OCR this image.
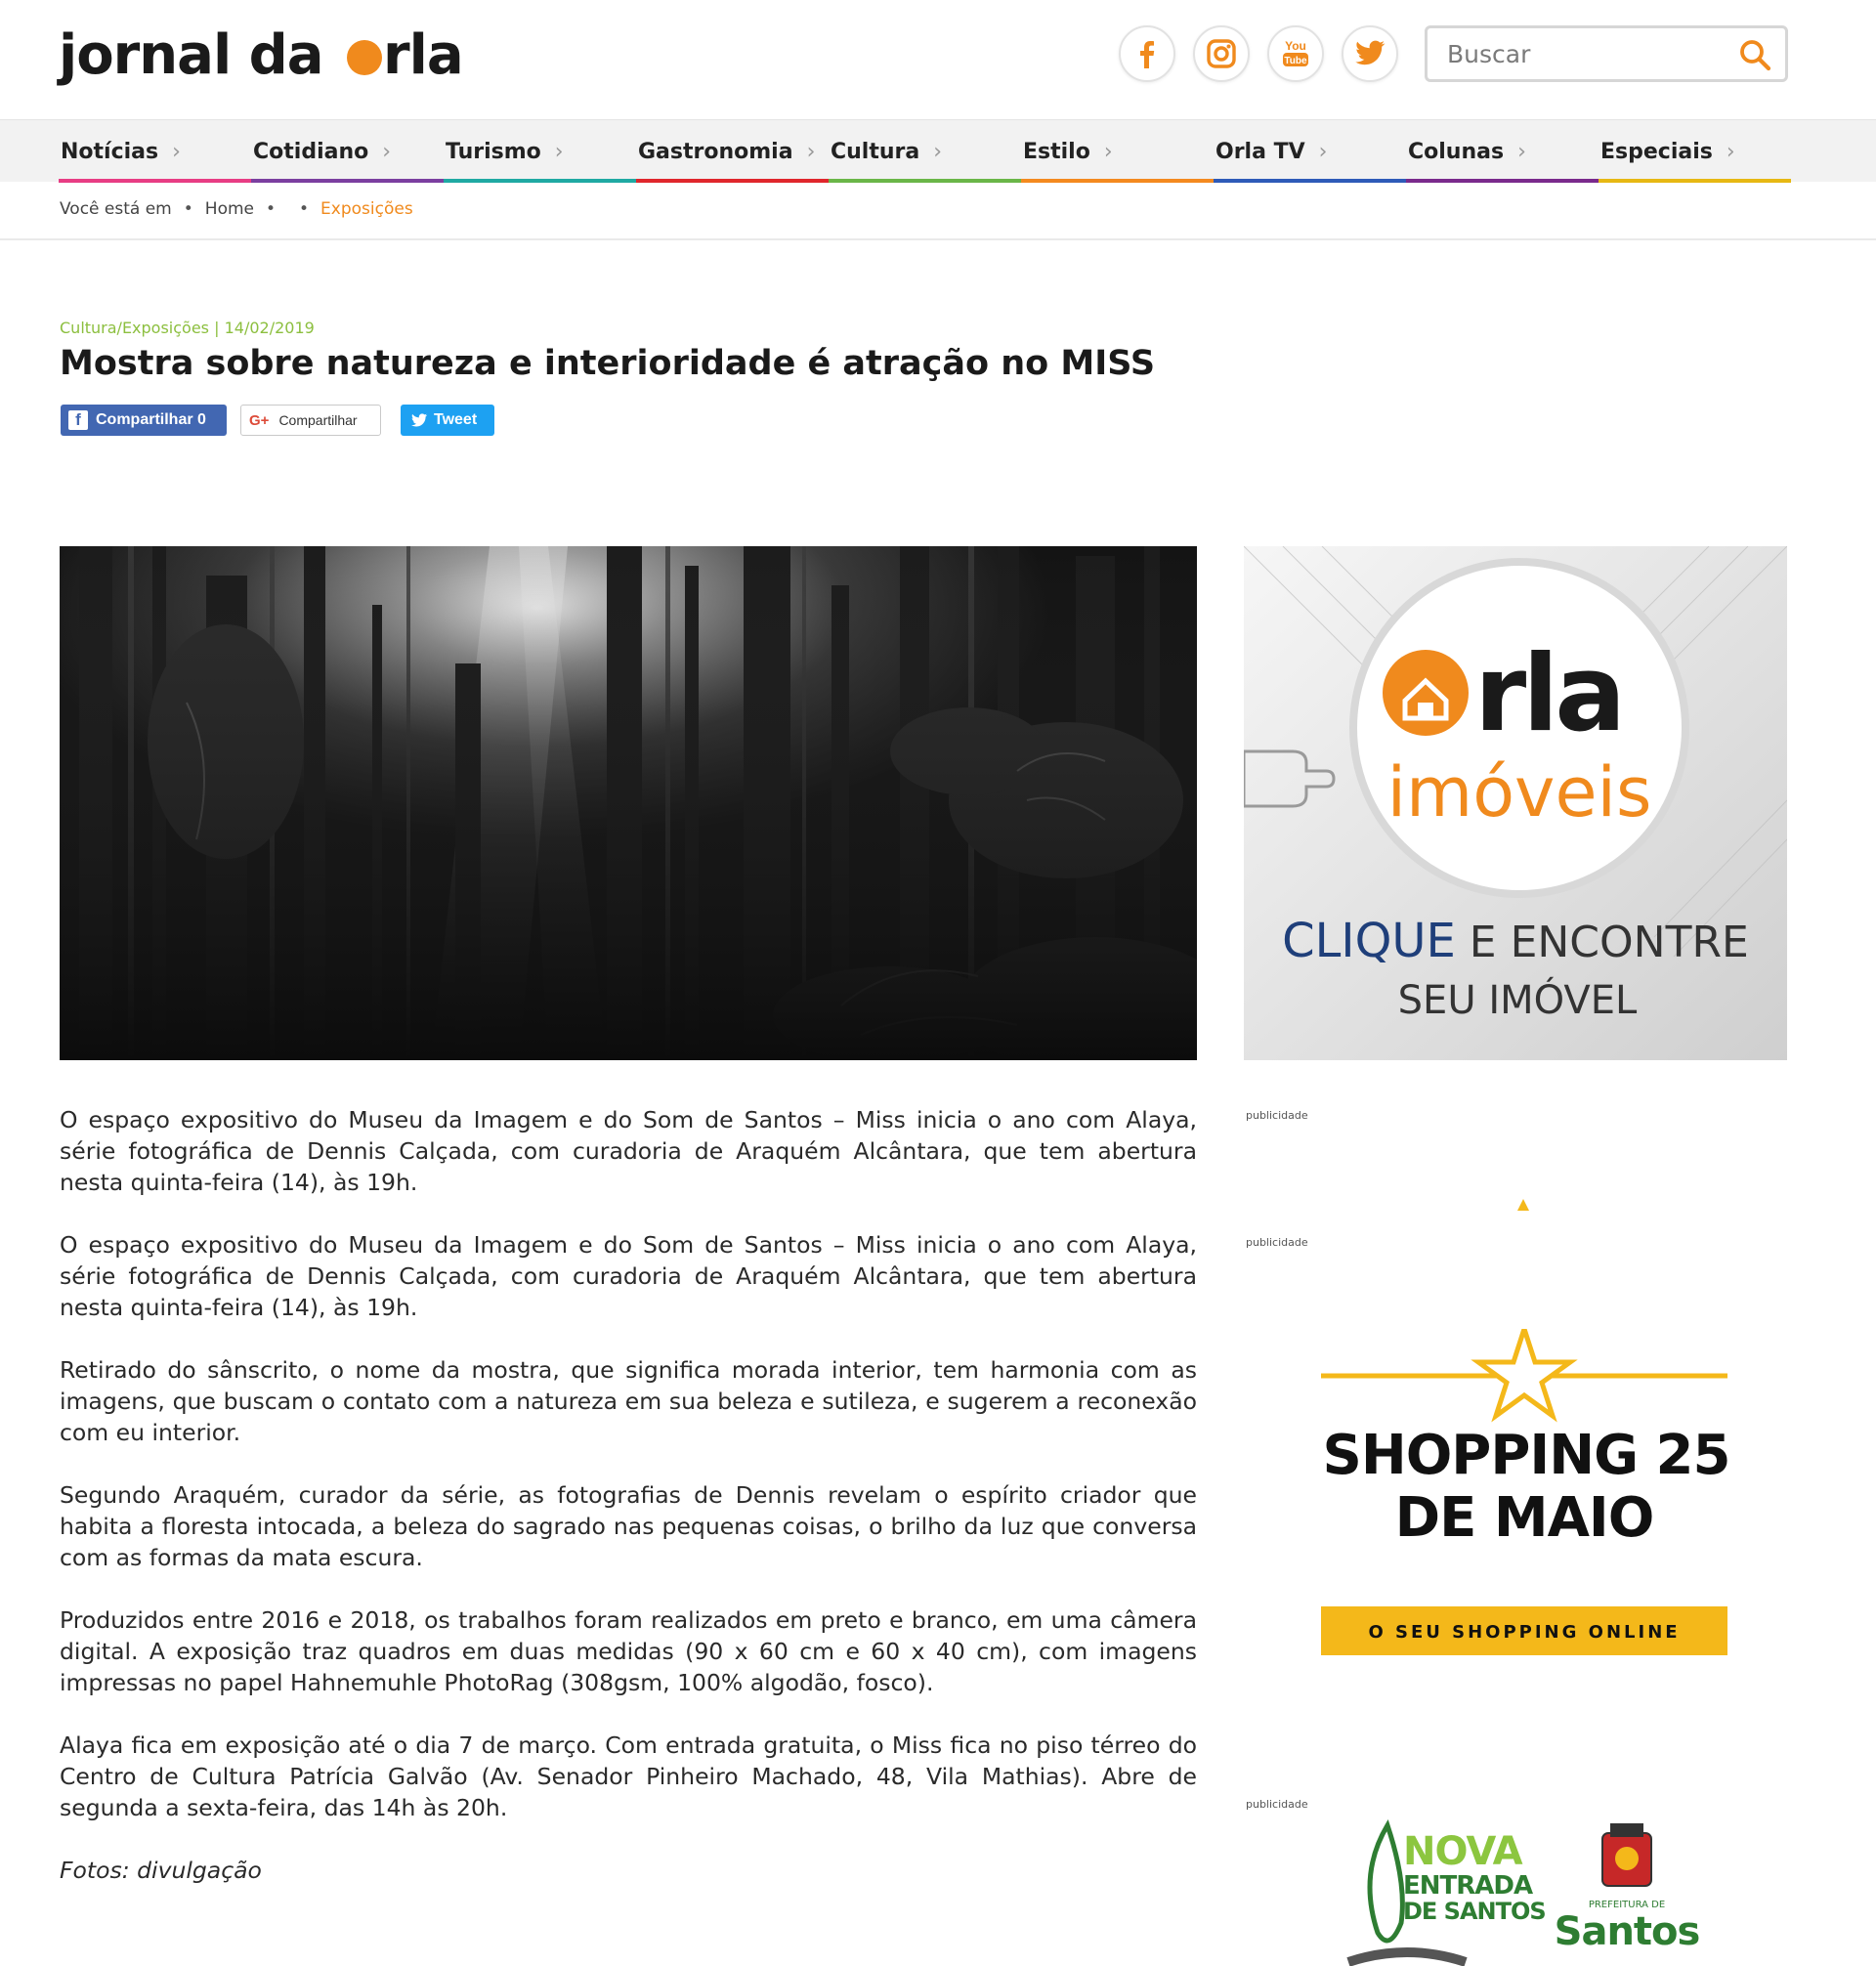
jornal da rla	You
Tube
Buscar
Notícias ›	Cotidiano ›	Turismo ›	Gastronomia › Cultura ›	Estilo ›	Orla TV ›	Colunas ›	Especiais ›
Você está em • Home • • Exposições
Cultura/Exposições | 14/02/2019
Mostra sobre natureza e interioridade é atração no MISS
f Compartilhar 0	G+ Compartilhar	Tweet

O espaço expositivo do Museu da Imagem e do Som de Santos – Miss inicia o ano com Alaya, série fotográfica de Dennis Calçada, com curadoria de Araquém Alcântara, que tem abertura nesta quinta-feira (14), às 19h.

O espaço expositivo do Museu da Imagem e do Som de Santos – Miss inicia o ano com Alaya, série fotográfica de Dennis Calçada, com curadoria de Araquém Alcântara, que tem abertura nesta quinta-feira (14), às 19h.

Retirado do sânscrito, o nome da mostra, que significa morada interior, tem harmonia com as imagens, que buscam o contato com a natureza em sua beleza e sutileza, e sugerem a reconexão com eu interior.

Segundo Araquém, curador da série, as fotografias de Dennis revelam o espírito criador que habita a floresta intocada, a beleza do sagrado nas pequenas coisas, o brilho da luz que conversa com as formas da mata escura.

Produzidos entre 2016 e 2018, os trabalhos foram realizados em preto e branco, em uma câmera digital. A exposição traz quadros em duas medidas (90 x 60 cm e 60 x 40 cm), com imagens impressas no papel Hahnemuhle PhotoRag (308gsm, 100% algodão, fosco).

Alaya fica em exposição até o dia 7 de março. Com entrada gratuita, o Miss fica no piso térreo do Centro de Cultura Patrícia Galvão (Av. Senador Pinheiro Machado, 48, Vila Mathias). Abre de segunda a sexta-feira, das 14h às 20h.

Fotos: divulgação

rla
imóveis
CLIQUE E ENCONTRE
SEU IMÓVEL
publicidade
publicidade
SHOPPING 25
DE MAIO
O SEU SHOPPING ONLINE
publicidade
NOVA
ENTRADA
DE SANTOS	PREFEITURA DE
Santos
